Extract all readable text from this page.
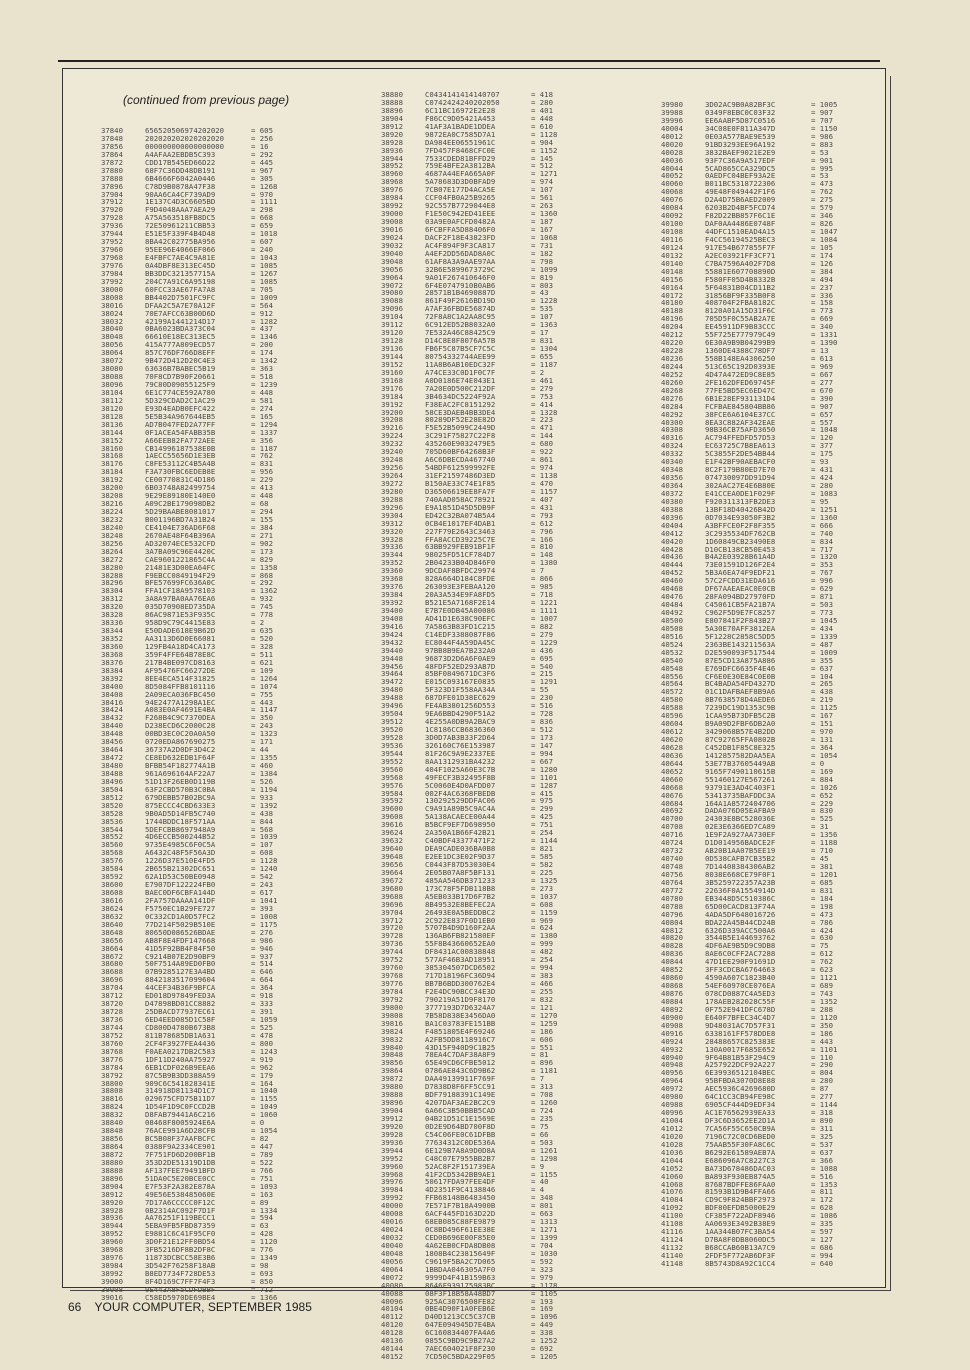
(continued from previous page)
37840	656520506974202020	= 605
37848	202020202020202020	= 256
37856	000000000000000000	= 16
37864	A4AFAA2EBDB5C393	= 292
37872	CDD17B545ED66D22	= 445
37880	68F7C36DD48DB191	= 967
37888	6B4666F6042A0446	= 305
37896	C78D9B0878A47F38	= 1268
37904	90AA6CA4CF739AD9	= 970
37912	1E137C4D3C6605BD	= 1111
37920	F9D4048AAA7AEA29	= 298
37928	A75A563518FB8DC5	= 668
37936	72E50961211CBB53	= 659
37944	E51E5F339F4B4D48	= 1018
37952	8BA42C02775BA956	= 607
37960	95EE96E4066EF066	= 240
37968	E4FBFC7AE4C9A81E	= 1043
37976	0A4DBF8E313EC45D	= 1085
37984	BB3DDC321357715A	= 1267
37992	204C7A91C6A95198	= 1085
38000	60FCC33AE67FA7A8	= 705
38008	BB4402D7501FC9FC	= 1009
38016	DFAA2C5A7E70A12F	= 564
38024	70E7AFCC63B00D6D	= 912
38032	42199A1441214D17	= 1282
38040	0BA6023BDA373C04	= 437
38048	66610E18EC313EC5	= 1346
38056	415A777A809ECD57	= 200
38064	857C76DF766D8EFF	= 174
38072	9B472D412D20C4E3	= 1342
38080	63636B7BABEC5B19	= 363
38088	70F8CD7B90F20661	= 518
38096	79C80D09055125F9	= 1239
38104	6E1C774CE592A780	= 448
38112	5D329CDAD2C1AC29	= 581
38120	E93D4EADB0EFC422	= 274
38128	5E5B34A967644EB5	= 165
38136	AD7B047FED2A77FF	= 1294
38144	0F1ACEA54FABB35B	= 1337
38152	A66EEB82FA772AEE	= 356
38160	CB14996187538E0B	= 1187
38168	1AECC55656D1E3EB	= 762
38176	C8FE53112C4B5A4B	= 831
38184	F3A730FBC6EDEB8E	= 956
38192	CE00770831C4D186	= 229
38200	6B03748A82499754	= 413
38208	9E29E89180E140E0	= 448
38216	A09C2BE179098DB2	= 68
38224	5D29BAABE8081017	= 294
38232	B001196BD7A31B24	= 155
38240	CE4104E736AD6F68	= 384
38248	2670AE48F64B396A	= 271
38256	AD32074ECE532CFD	= 902
38264	3A7BA09C96E4420C	= 173
38272	CAE9601221865C4A	= 829
38280	21481E3D00EA64FC	= 1358
38288	F9EBCC0849194F29	= 868
38296	BFE57699FC636A0C	= 292
38304	FFA1CF18A9578103	= 1362
38312	3A8A97BA0AA76EA6	= 932
38320	035D70908ED735DA	= 745
38328	86AC9871E53F935C	= 778
38336	958D9C79C4415E83	= 2
38344	E50DADE618E9B62D	= 635
38352	AA3113D6D0E66081	= 520
38360	129FB4A18D4CA173	= 328
38368	359F4FFE64B78E8C	= 511
38376	217B4BE097CD8163	= 621
38384	AF95476FC66272DE	= 109
38392	8EE4ECA514F31825	= 1264
38400	8D5084FFB8101116	= 1074
38408	2A09ECA036FBC450	= 755
38416	94E2477A1298A1EC	= 443
38424	A083E0AF4691E4BA	= 1147
38432	F268B4C9C7370DEA	= 350
38440	D238ECD6C2000C28	= 243
38448	00BD3EC0C20A0A50	= 1323
38456	0720EDA867690275	= 171
38464	36737A2D0DF3D4C2	= 44
38472	CE8ED632EDB1F64F	= 1355
38480	BFBB54F182774A1B	= 460
38488	961A696164AF22A7	= 1384
38496	51D13F26EB0D119B	= 526
38504	63F2CBD570B3C0BA	= 1194
38512	679DEBB57B02BC9A	= 933
38520	875ECCC4CBD633E3	= 1392
38528	9B0AD5D14FB5C740	= 438
38536	1744BDDC18F571AA	= 844
38544	5DEFCBB8697948A9	= 568
38552	4D6ECCB500244B52	= 1039
38560	9735E4985C6F0C5A	= 107
38568	A6432C48F5F56A3D	= 608
38576	1226D37E510E4FD5	= 1128
38584	2B655B21302DC651	= 1240
38592	62A1D53C50BE0948	= 542
38600	E7907DF122224FB0	= 243
38608	BAEC0DF6CBFA144D	= 617
38616	2FA757DAAAA141DF	= 1041
38624	F5750EC1B29FE727	= 393
38632	0C332CD1A0D57FC2	= 1008
38640	77D214F5029B510E	= 1175
38648	80650D086526BDAE	= 276
38656	AB8F8E4FDF147668	= 986
38664	41D5F92BB4F84F50	= 946
38672	C9214B07E2D90BF9	= 937
38680	50F7514A89ED0FB0	= 514
38688	07B9285127E3A4BD	= 646
38696	8842183517099604	= 664
38704	44CEF34B36F9BFCA	= 364
38712	ED018D97849FED3A	= 918
38720	D47898BD01CC8882	= 333
38728	25DBACD77937EC61	= 391
38736	6ED4EED085D1C58F	= 1059
38744	CD800D4780B673B8	= 525
38752	811B78685DB1A631	= 478
38760	2CF4F3927FEA4436	= 800
38768	F0AEA0217DB2C583	= 1243
38776	1DF11D240AA75927	= 919
38784	6EB1CDF026B9EEA6	= 962
38792	87C5B9B3DD388A59	= 179
38800	909C6C541828341E	= 164
38808	314918D81134D1C7	= 1040
38816	029675CFD75B11D7	= 1155
38824	1D54F1D9C0FCCD2B	= 1049
38832	D8FAB79441A6C216	= 1060
38840	08468F8005924E6A	= 0
38848	76ACE991A6D28CFB	= 1054
38856	BC5B08F37AAFBCFC	= 82
38864	0388F9A2334CE901	= 447
38872	7F751FD6D200BF1B	= 789
38880	353D2DE51319D1DB	= 522
38888	AF137FEE79491BFD	= 766
38896	51DA0C5E20BCE0CC	= 751
38904	E7F53F2A382E878A	= 1093
38912	49E56E538485060E	= 163
38920	7D17A6CCCCC0F12C	= 89
38928	0B2314AC092F7D1F	= 1334
38936	AA76251F119BECC1	= 594
38944	5EBA9FB5FBD87359	= 63
38952	E9881C6C41F95CF0	= 428
38960	3D0F21E12FF0BD54	= 1120
38968	3FB5216DF8B2DF8C	= 776
38976	11873DCBCC58E3B6	= 1349
38984	3D542F76258F18AB	= 98
38992	B8ED7734F728DE53	= 693
39000	8F4D169C7FF7F4F3	= 850
39008	0E443A8F5CDFDBBF	= 712
39016	C58ED5970DE69BE4	= 1366
38880	C0434141414140707	= 418
38888	C0742424240202050	= 280
38896	6C11BC16972E2E28	= 401
38904	F86CC9D05421A453	= 448
38912	41AF3A1BADE1DDEA	= 610
38920	9872EA0C7585D7A1	= 1128
38928	DA984EE06551961C	= 904
38936	7FD457F8468CFC0E	= 1152
38944	7533CDED81BFFD29	= 145
38952	759E4BFE2A3812BA	= 512
38960	4687A44EFA665A0F	= 1271
38968	5A78683D3D0BFAD9	= 974
38976	7CB07E177D4ACA5E	= 107
38984	CCF04FB0A25B9265	= 561
38992	92C557B7729044E8	= 263
39000	F1E50C942ED41EEE	= 1360
39008	03A9E0AFCFD0482A	= 187
39016	6FCBFFA5D88406F0	= 167
39024	DACF2F18E43823FD	= 1068
39032	AC4F894F9F3CA817	= 731
39040	A4EF2DD56DAD8A0C	= 182
39048	61AF8A3A9AAE97AA	= 798
39056	32B6E5899673729C	= 1099
39064	9A01F267410646F0	= 819
39072	6F4E0747910B0AB6	= 803
39080	28571B1B4690887D	= 43
39088	861F49F2616BD19D	= 1228
39096	A7AF36FBDE56874D	= 535
39104	72F8A8C1A2AA8C95	= 107
39112	6C912ED52B8032A0	= 1363
39120	7E532A46C88425C9	= 17
39128	D14C8E8F8076A57B	= 831
39136	FB6F5C87B5CF7C5C	= 1304
39144	80754332744AEE99	= 655
39152	11A8B6AB10EDC32F	= 1187
39160	A74CE33C0D1F0C7F	= 2
39168	A0D0186E74E043E1	= 461
39176	7A20E0D500C212DF	= 279
39184	3B4634DC5224F92A	= 753
39192	F38EAC2FC8151292	= 414
39200	58CE3DAEB4BB3DE4	= 1328
39208	80289DF52E28E82D	= 223
39216	F5E52B5099C2449D	= 471
39224	3C291F75827C22F8	= 144
39232	435260E9032479E5	= 680
39240	705D60BF64268B3F	= 922
39248	A6C6DBECDA467740	= 861
39256	54BDF612599992FE	= 974
39264	31EF21597486D3ED	= 1138
39272	B150AE33C74E1F85	= 470
39280	D36506619EE8FA7F	= 1157
39288	740AAD058AC78921	= 407
39296	E9A1851D45D5DB9F	= 431
39304	ED42C32BA074B5A4	= 793
39312	0CB4E1017EF4DAB1	= 612
39320	227F79E2643C3463	= 796
39328	FFA8ACCD39225C7E	= 166
39336	63BB929FEB91BF1F	= 810
39344	98025FD51CF784D7	= 148
39352	2B04233B04D846F0	= 1380
39360	9DCDAF8BFDC29974	= 7
39368	828A664D184C8FDE	= 866
39376	263093E3FEBAA120	= 985
39384	20A3A534E9FA8FD5	= 718
39392	B521E5A7168F2E14	= 1221
39400	E7B7E0DB45A00086	= 1111
39408	AD41D1E638C90EFC	= 1007
39416	7A5863B83FD1C215	= 882
39424	C14EDF3388087F86	= 279
39432	EC8044F4A59DA45C	= 1229
39440	97BB8B9EA7B232A0	= 436
39448	96873D2D6A6F0AE9	= 695
39456	48FDF52ED293AB7D	= 540
39464	85BF0849671DC3F6	= 215
39472	E015C093167E0835	= 1291
39480	5F323D1F558AA34A	= 55
39488	687DFE01D38EC629	= 230
39496	FE4AB3801256D553	= 516
39504	9EA6BBD4290F51A2	= 728
39512	4E255A0DB9A2BAC9	= 836
39520	1C8186CCB6836360	= 512
39528	3D0D7AB3B33F2D64	= 173
39536	326160C76E153987	= 147
39544	81F26C9A9E2337EE	= 994
39552	8AA1312931BA4232	= 667
39560	404F1025A60E3C7B	= 1280
39568	49FECF3B32495F8B	= 1101
39576	5C0060E4D0AFDD07	= 1287
39584	002F4AC6368FBEDB	= 415
39592	130292529DDFAC06	= 975
39600	C9A91A89B5C9AC4A	= 299
39608	5A138ACAECE00A44	= 425
39616	B5BCF9EF7D698950	= 751
39624	2A350A1B66F42B21	= 254
39632	C40BDF43377471F2	= 1144
39640	DEA9CADE036BA0B8	= 821
39648	E2EE1DC3E02F9D37	= 585
39656	C0443F87D53030E4	= 582
39664	2E05B07A8F5BF131	= 225
39672	485AA546DB371233	= 1325
39680	173C78F5FDB118B8	= 273
39688	A5EB033B17D6F7B2	= 1037
39696	8B49532E8BEFEC2A	= 608
39704	26493E0A5BEDDBC2	= 1159
39712	2C922E837F0D1EB0	= 969
39720	5707B4D9D160F2AA	= 624
39728	136AB6FB821580EF	= 1380
39736	55F8B43660652EA0	= 999
39744	DF8431AC00838848	= 482
39752	577AF46B3AD18951	= 254
39760	385304507DCD6502	= 994
39768	717D18196FC36D94	= 383
39776	BB7B6BDD300762E4	= 466
39784	F2E4DC90BCC34E3D	= 255
39792	790219A51D9F8170	= 832
39800	3777193D7D6324A7	= 121
39808	7B58D838E3456DA0	= 1270
39816	BA1C03783FE151BB	= 1259
39824	F4851805E4F69246	= 186
39832	A2FB5DD8118916C7	= 606
39840	43D15F940D9C1B25	= 551
39848	78EA4C7DAF38A8F9	= 81
39856	65E49CD6CFBE5012	= 896
39864	0786AE843C6D9B62	= 1181
39872	DAA49139911F769F	= 7
39880	D7838D8F6FF5CC91	= 313
39888	BDF79188391C149E	= 708
39896	4207DAF3AE2BC2C9	= 1260
39904	6A66C3B50BBB5CAD	= 724
39912	04B21D51C1E1569E	= 235
39920	0D2E9D64BD700F8D	= 75
39928	C54C06FE0C61DFBB	= 66
39936	77634312C0DE536A	= 503
39944	6E129B7A8A9D0D8A	= 1261
39952	C48C07E7955BB2B7	= 1298
39960	52AC8F2F151739EA	= 9
39968	41F2CD5342BB9AE1	= 1155
39976	50617FDA97FEE4DF	= 40
39984	4D2351F9C4138846	= 4
39992	FFB68148B6483450	= 348
40000	7E571F7B18A4900B	= 801
40008	6ACF445FD163D22D	= 663
40016	68EB085C88FE9879	= 1313
40024	0C8BD496F61EE38E	= 1271
40032	CED0B696E00F85E0	= 1399
40040	4A62EB0CFDA8DB08	= 704
40048	1808B4C23815649F	= 1030
40056	C9619F5BA2C7D065	= 592
40064	1BBDAA046305A7F0	= 323
40072	9999D4F41B159B63	= 979
40080	8646F939175983BC	= 1178
40088	08F3F18B58A48BD7	= 1105
40096	925AC3076508FE82	= 193
40104	0BE4D90F1A0FEB6E	= 169
40112	D40D1213CC5C37CB	= 1096
40120	647E094945D7E4BA	= 449
40128	6C160834407FA4A6	= 338
40136	0855C9BD9C9B27A2	= 1252
40144	7AEC604021F8F230	= 692
40152	7CD50C5BDA229F05	= 1205
39980	3D02AC9B0A82BF3C	= 1005
39988	0349F8EBC0C03F32	= 907
39996	EE6AABF5D87C0516	= 707
40004	34C08E0F811A347D	= 1150
40012	0E03A577BAE9E539	= 986
40020	91BD3293EE96A192	= 883
40028	3832BAEF9021E2E9	= 53
40036	93F7C36A9A517EDF	= 901
40044	5CAD865CCA329DC5	= 995
40052	0AEDFC04BEF93A2E	= 53
40060	B011BC5318722306	= 473
40068	49E48F049442F1F6	= 762
40076	D2A4D75B6AED2009	= 275
40084	6203B2D4BF5FCD74	= 579
40092	F82D22BB857F6C1E	= 346
40100	DAF0AA4486E0748F	= 826
40108	44DFC1510EAD4A15	= 1047
40116	F4CC56194525BEC3	= 1084
40124	917E54B677855F7F	= 105
40132	A2EC03921FF3CF71	= 174
40140	C7BA7596A402F7D8	= 126
40148	55881E607708890D	= 384
40156	F580FF05D4B8332B	= 494
40164	5F64831B04CD11B2	= 237
40172	31856BF9F335B0F8	= 336
40180	408704F2FBA8182C	= 158
40188	8120A01A15D31F6C	= 773
40196	705D5F0C55AB2A7E	= 669
40204	EE45911DF9B83CCC	= 340
40212	55F725E777979C49	= 1331
40220	6E30A9B9B04299B9	= 1390
40228	1360DE4388C78DF7	= 13
40236	558B148EA4306250	= 613
40244	513C65C192D0393E	= 969
40252	4D47A472ED9C8E85	= 667
40260	2FE162DFED69745F	= 277
40268	77FE5BD5EC6ED47C	= 670
40276	6B1E28EF931131D4	= 390
40284	FCFBAE845804BB86	= 907
40292	38FCE6A6104E37CC	= 657
40300	8EA3C882AF342EAE	= 557
40308	98B36CB75AFD3650	= 1048
40316	AC794FFEDFD57D53	= 120
40324	EC63725C7B8EA613	= 377
40332	5C3855F2DE54BB44	= 175
40340	E1F42BF90AEBACF0	= 93
40348	8C2F179B80ED7E70	= 431
40356	074730097DD91D94	= 424
40364	302AAC27E4E6B80E	= 280
40372	E41CCEA0DE1F029F	= 1083
40380	F920311313FB2DE3	= 95
40388	13BF18D40426B42D	= 1251
40396	0D7034E93050F3B2	= 1360
40404	A3BFFCE0F2F8F355	= 666
40412	3C2935534DF762CB	= 740
40420	1D60849CB23490E8	= 834
40428	D10CB138CB50E453	= 717
40436	B4A2E03928B61A4D	= 1320
40444	73E01591D126F2E4	= 353
40452	5B3A6EA74F9EDF21	= 767
40460	57C2FCDD31EDA616	= 996
40468	DF67AAEAEAC0E0CB	= 629
40476	28FA094BD27970FD	= 871
40484	C45061CB5FA21B7A	= 503
40492	C962F5D9E7FC8257	= 773
40500	E807841F2F843B27	= 1045
40508	5A30E70AFF3812EA	= 434
40516	5F1228C2858C5DD5	= 1339
40524	2363BE143211563A	= 487
40532	D2E590093F517544	= 1009
40540	87E5CD13A875A886	= 355
40548	E769DFC6635F4E46	= 637
40556	CF6E0E30E84C0E0B	= 104
40564	BC4BADA54FD4327D	= 265
40572	01C1DAFBAEF8B9A6	= 438
40580	8B7638578D4AEDE6	= 219
40588	7239DC19D1353C9B	= 1125
40596	1CAA95B73DFB5C2B	= 167
40604	B9A09D2FBF6DB2A0	= 151
40612	3429068B57E4B2DD	= 970
40620	87C92765FFA0802B	= 131
40628	C452DB1F85C8E325	= 364
40636	1412857582DAA5EA	= 1054
40644	53E77B37605449AB	= 0
40652	9165F7490110615B	= 169
40660	551460127E567261	= 884
40668	93791E3AD4C403F1	= 1026
40676	53413735BAFDDC3A	= 652
40684	164A1A8572404706	= 229
40692	DADA076D05EAFBA9	= 830
40700	24303E8BC528036E	= 525
40708	02E3E6366ED7CA89	= 31
40716	1E9F2A927AA730EF	= 1356
40724	D1D014956BADCE2F	= 1188
40732	AB20B1AA07B5EE19	= 710
40740	0D538CAFB7CB35B2	= 45
40748	7D14408384306AB2	= 381
40756	8038E668CE79F0F1	= 1201
40764	3B5259722357A23B	= 685
40772	22636F0A1554914D	= 831
40780	EB3448D5C510386C	= 184
40788	65D00CACD813F74A	= 198
40796	4ADA5DF648016726	= 473
40804	BDA22A45B44CD24B	= 786
40812	6326D339ACC500A6	= 424
40820	3544B5E144693762	= 630
40828	4DF6AE9B5D9C9DB8	= 75
40836	8AE6C0CFF2AC7288	= 612
40844	47D1EE290F91691D	= 762
40852	3FF3CDCBA6764663	= 623
40860	4590A607C1823B40	= 1121
40868	54EF60970CE076EA	= 689
40876	078CD0887C4A5ED3	= 743
40884	178AEB282028C55F	= 1352
40892	0F752E941DFC678D	= 288
40900	E640F7BFEC34C4D7	= 1120
40908	9D48031AC7D57F31	= 350
40916	6338161FF578DDE8	= 186
40924	28488657C825383E	= 443
40932	130A0017F685E652	= 1101
40940	9F64B81B53F294C9	= 110
40948	A257922DCF92A227	= 290
40956	6E39936512104BEC	= 804
40964	95BFBDA3070D8E88	= 280
40972	AEC5936C4269680D	= 87
40980	64C1CC3CB94FE98C	= 277
40988	6905CF444D9EDF34	= 1144
40996	AC1E76562939EA33	= 318
41004	DF3C6D3652EE2D1A	= 890
41012	7CA56F55C650CB9A	= 311
41020	7196C72C0CD6BED0	= 325
41028	75AAB55F30FA8C6C	= 537
41036	B6292E61589AEB7A	= 637
41044	E686096A7C8227C3	= 366
41052	BA73D678486DAC03	= 1088
41060	BA893F930EB874A5	= 516
41068	87687BDFFE86FAA0	= 1353
41076	81593B1D9B4FFA66	= 811
41084	CD9C9F824BBF2973	= 172
41092	BDF80EFDB5000E29	= 628
41100	CF385F722ADF8946	= 1086
41108	AA0693E3492B38E9	= 335
41116	1AA344B07FC3BA54	= 597
41124	D7BA8F0DB8060DC5	= 127
41132	B68CCAB60B13A7C9	= 686
41140	2FDF5F772AB6DF3F	= 994
41148	8B5743D8A92C1CC4	= 640
66 YOUR COMPUTER, SEPTEMBER 1985
